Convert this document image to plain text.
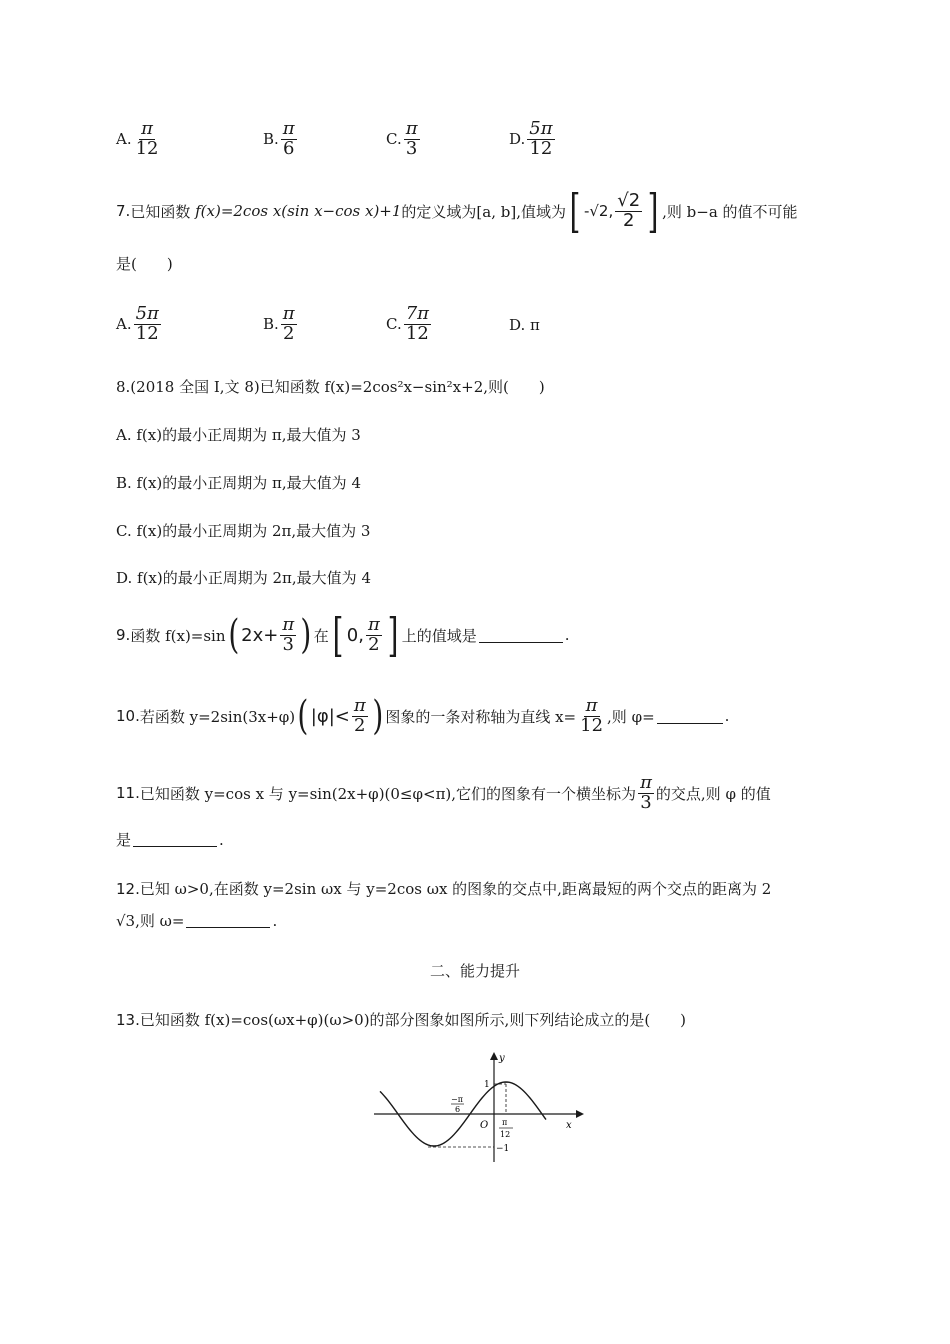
A. $\frac{\pi}{12}$	B. $\frac{\pi}{6}$	C. $\frac{\pi}{3}$	D. $\frac{5\pi}{12}$
7. 已知函数
f(x)=2cos x(sin x−cos x)+1 的定义域为[a, b],值域为 [ -√2 , $\frac{√2}{2}$ ] ,则 b−a 的值不可能
是(　　)
A. $\frac{5\pi}{12}$	B. $\frac{\pi}{2}$	C. $\frac{7\pi}{12}$	D.
π
8.(2018 全国 I,文 8)已知函数 f(x)=2cos²x−sin²x+2,则(　　)
A. f(x)的最小正周期为 π,最大值为 3
B. f(x)的最小正周期为 π,最大值为 4
C. f(x)的最小正周期为 2π,最大值为 3
D. f(x)的最小正周期为 2π,最大值为 4
9. 函数 f(x)=sin ( $2x+ \frac{\pi}{3}$ ) 在 [ 0, $\frac{\pi}{2}$ ] 上的值域是	.
10. 若函数 y=2sin(3x+φ) ( $|\varphi|< \frac{\pi}{2}$ ) 图象的一条对称轴为直线 $x= \frac{\pi}{12}$ ,则 φ=	.
11. 已知函数 y=cos x 与 y=sin(2x+φ)(0≤φ<π),它们的图象有一个横坐标为 $\frac{\pi}{3}$ 的交点,则 φ 的值
是	.
12. 已知 ω>0,在函数 y=2sin ωx 与 y=2cos ωx 的图象的交点中,距离最短的两个交点的距离为 2
√3,则 ω=	.
二、能力提升
13. 已知函数 f(x)=cos(ωx+φ)(ω>0)的部分图象如图所示,则下列结论成立的是(　　)
y
x
O
1
−1
−π
6
π
12
